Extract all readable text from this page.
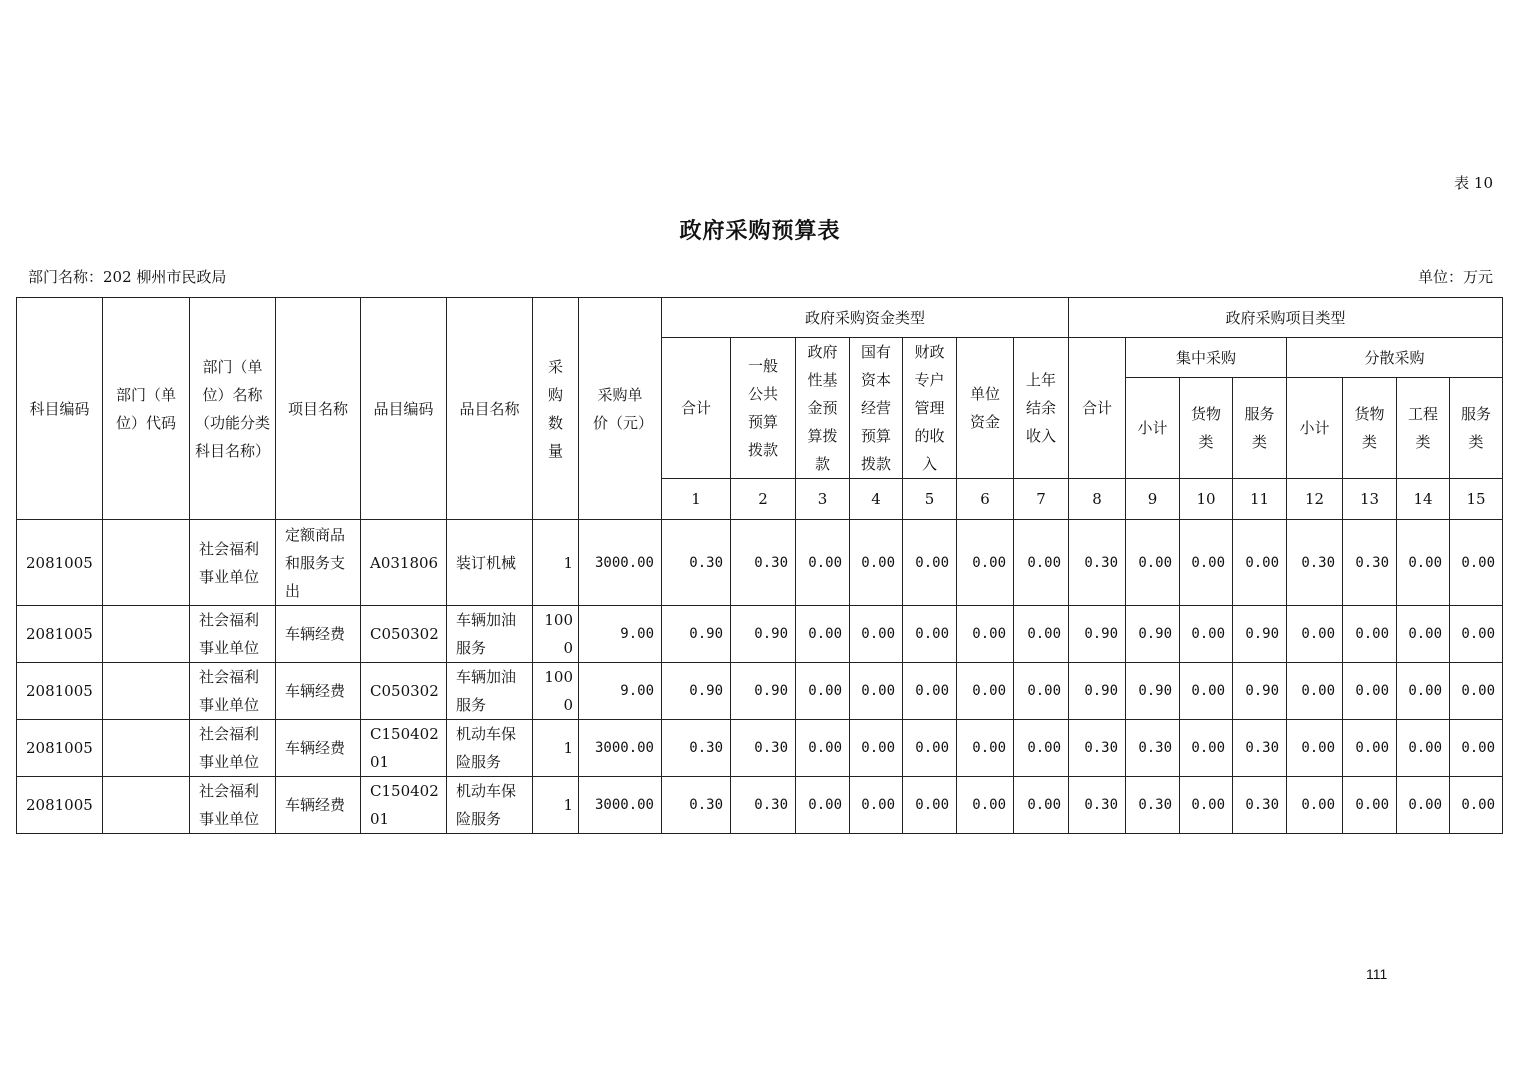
表 10
政府采购预算表
部门名称：202 柳州市民政局	单位：万元
科目编码	部门（单位）代码	部门（单位）名称（功能分类科目名称）	项目名称	品目编码	品目名称	采购数量	采购单价（元）	政府采购资金类型							政府采购项目类型							
								合计	一般公共预算拨款	政府性基金预算拨款	国有资本经营预算拨款	财政专户管理的收入	单位资金	上年结余收入	合计	集中采购			分散采购			
																小计	货物类	服务类	小计	货物类	工程类	服务类
								1	2	3	4	5	6	7	8	9	10	11	12	13	14	15
2081005		社会福利事业单位	定额商品和服务支出	A031806	装订机械	1	3000.00	0.30	0.30	0.00	0.00	0.00	0.00	0.00	0.30	0.00	0.00	0.00	0.30	0.30	0.00	0.00
2081005		社会福利事业单位	车辆经费	C050302	车辆加油服务	1000	9.00	0.90	0.90	0.00	0.00	0.00	0.00	0.00	0.90	0.90	0.00	0.90	0.00	0.00	0.00	0.00
2081005		社会福利事业单位	车辆经费	C050302	车辆加油服务	1000	9.00	0.90	0.90	0.00	0.00	0.00	0.00	0.00	0.90	0.90	0.00	0.90	0.00	0.00	0.00	0.00
2081005		社会福利事业单位	车辆经费	C15040201	机动车保险服务	1	3000.00	0.30	0.30	0.00	0.00	0.00	0.00	0.00	0.30	0.30	0.00	0.30	0.00	0.00	0.00	0.00
2081005		社会福利事业单位	车辆经费	C15040201	机动车保险服务	1	3000.00	0.30	0.30	0.00	0.00	0.00	0.00	0.00	0.30	0.30	0.00	0.30	0.00	0.00	0.00	0.00
111
